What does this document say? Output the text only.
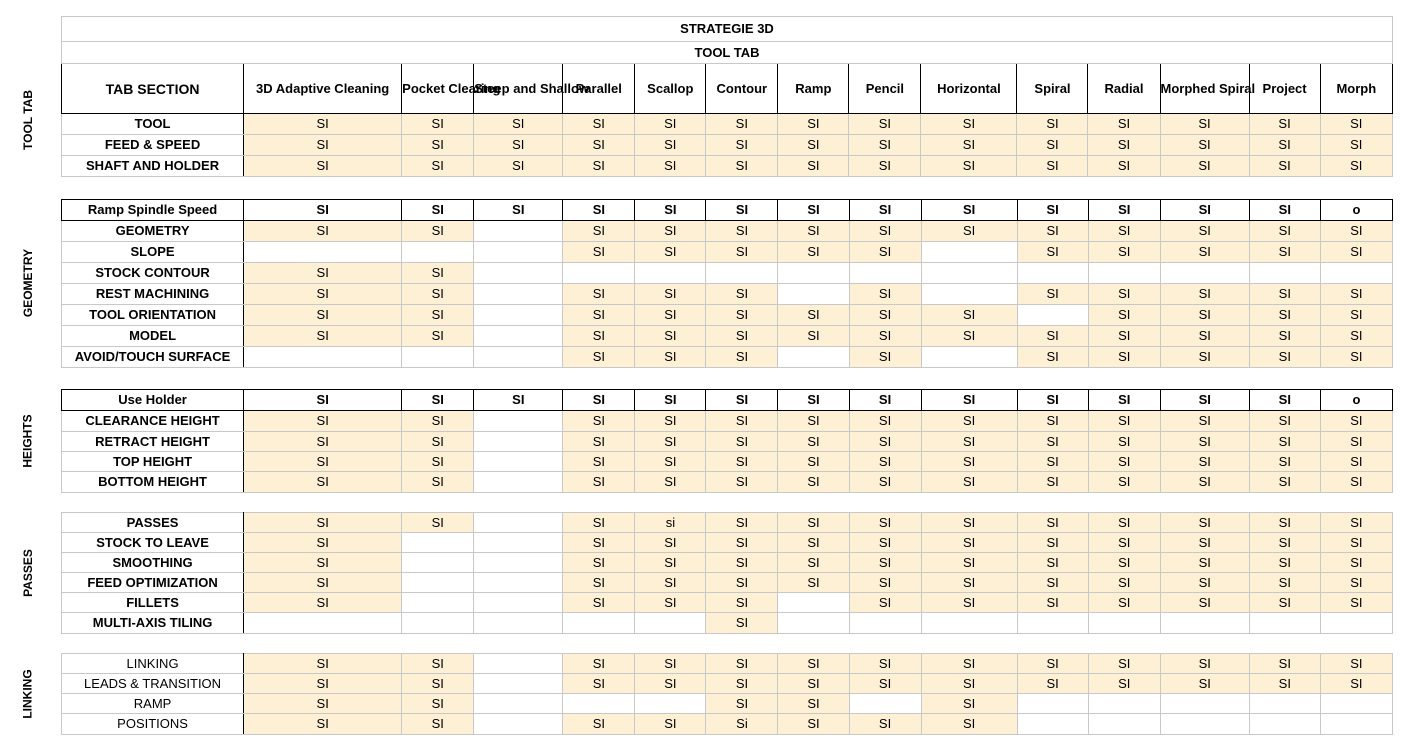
STRATEGIE 3D														
TOOL TAB														
TAB SECTION	3D Adaptive Cleaning	Pocket Clearing	Steep and Shallow	Parallel	Scallop	Contour	Ramp	Pencil	Horizontal	Spiral	Radial	Morphed Spiral	Project	Morph
TOOL	SI	SI	SI	SI	SI	SI	SI	SI	SI	SI	SI	SI	SI	SI
FEED & SPEED	SI	SI	SI	SI	SI	SI	SI	SI	SI	SI	SI	SI	SI	SI
SHAFT AND HOLDER	SI	SI	SI	SI	SI	SI	SI	SI	SI	SI	SI	SI	SI	SI
TOOL TAB
Ramp Spindle Speed	SI	SI	SI	SI	SI	SI	SI	SI	SI	SI	SI	SI	SI	o
GEOMETRY	SI	SI		SI	SI	SI	SI	SI	SI	SI	SI	SI	SI	SI
SLOPE				SI	SI	SI	SI	SI		SI	SI	SI	SI	SI
STOCK CONTOUR	SI	SI												
REST MACHINING	SI	SI		SI	SI	SI		SI		SI	SI	SI	SI	SI
TOOL ORIENTATION	SI	SI		SI	SI	SI	SI	SI	SI		SI	SI	SI	SI
MODEL	SI	SI		SI	SI	SI	SI	SI	SI	SI	SI	SI	SI	SI
AVOID/TOUCH SURFACE				SI	SI	SI		SI		SI	SI	SI	SI	SI
GEOMETRY
Use Holder	SI	SI	SI	SI	SI	SI	SI	SI	SI	SI	SI	SI	SI	o
CLEARANCE HEIGHT	SI	SI		SI	SI	SI	SI	SI	SI	SI	SI	SI	SI	SI
RETRACT HEIGHT	SI	SI		SI	SI	SI	SI	SI	SI	SI	SI	SI	SI	SI
TOP HEIGHT	SI	SI		SI	SI	SI	SI	SI	SI	SI	SI	SI	SI	SI
BOTTOM HEIGHT	SI	SI		SI	SI	SI	SI	SI	SI	SI	SI	SI	SI	SI
HEIGHTS
PASSES	SI	SI		SI	si	SI	SI	SI	SI	SI	SI	SI	SI	SI
STOCK TO LEAVE	SI			SI	SI	SI	SI	SI	SI	SI	SI	SI	SI	SI
SMOOTHING	SI			SI	SI	SI	SI	SI	SI	SI	SI	SI	SI	SI
FEED OPTIMIZATION	SI			SI	SI	SI	SI	SI	SI	SI	SI	SI	SI	SI
FILLETS	SI			SI	SI	SI		SI	SI	SI	SI	SI	SI	SI
MULTI-AXIS TILING						SI								
PASSES
LINKING	SI	SI		SI	SI	SI	SI	SI	SI	SI	SI	SI	SI	SI
LEADS & TRANSITION	SI	SI		SI	SI	SI	SI	SI	SI	SI	SI	SI	SI	SI
RAMP	SI	SI				SI	SI		SI					
POSITIONS	SI	SI		SI	SI	Si	SI	SI	SI					
LINKING
